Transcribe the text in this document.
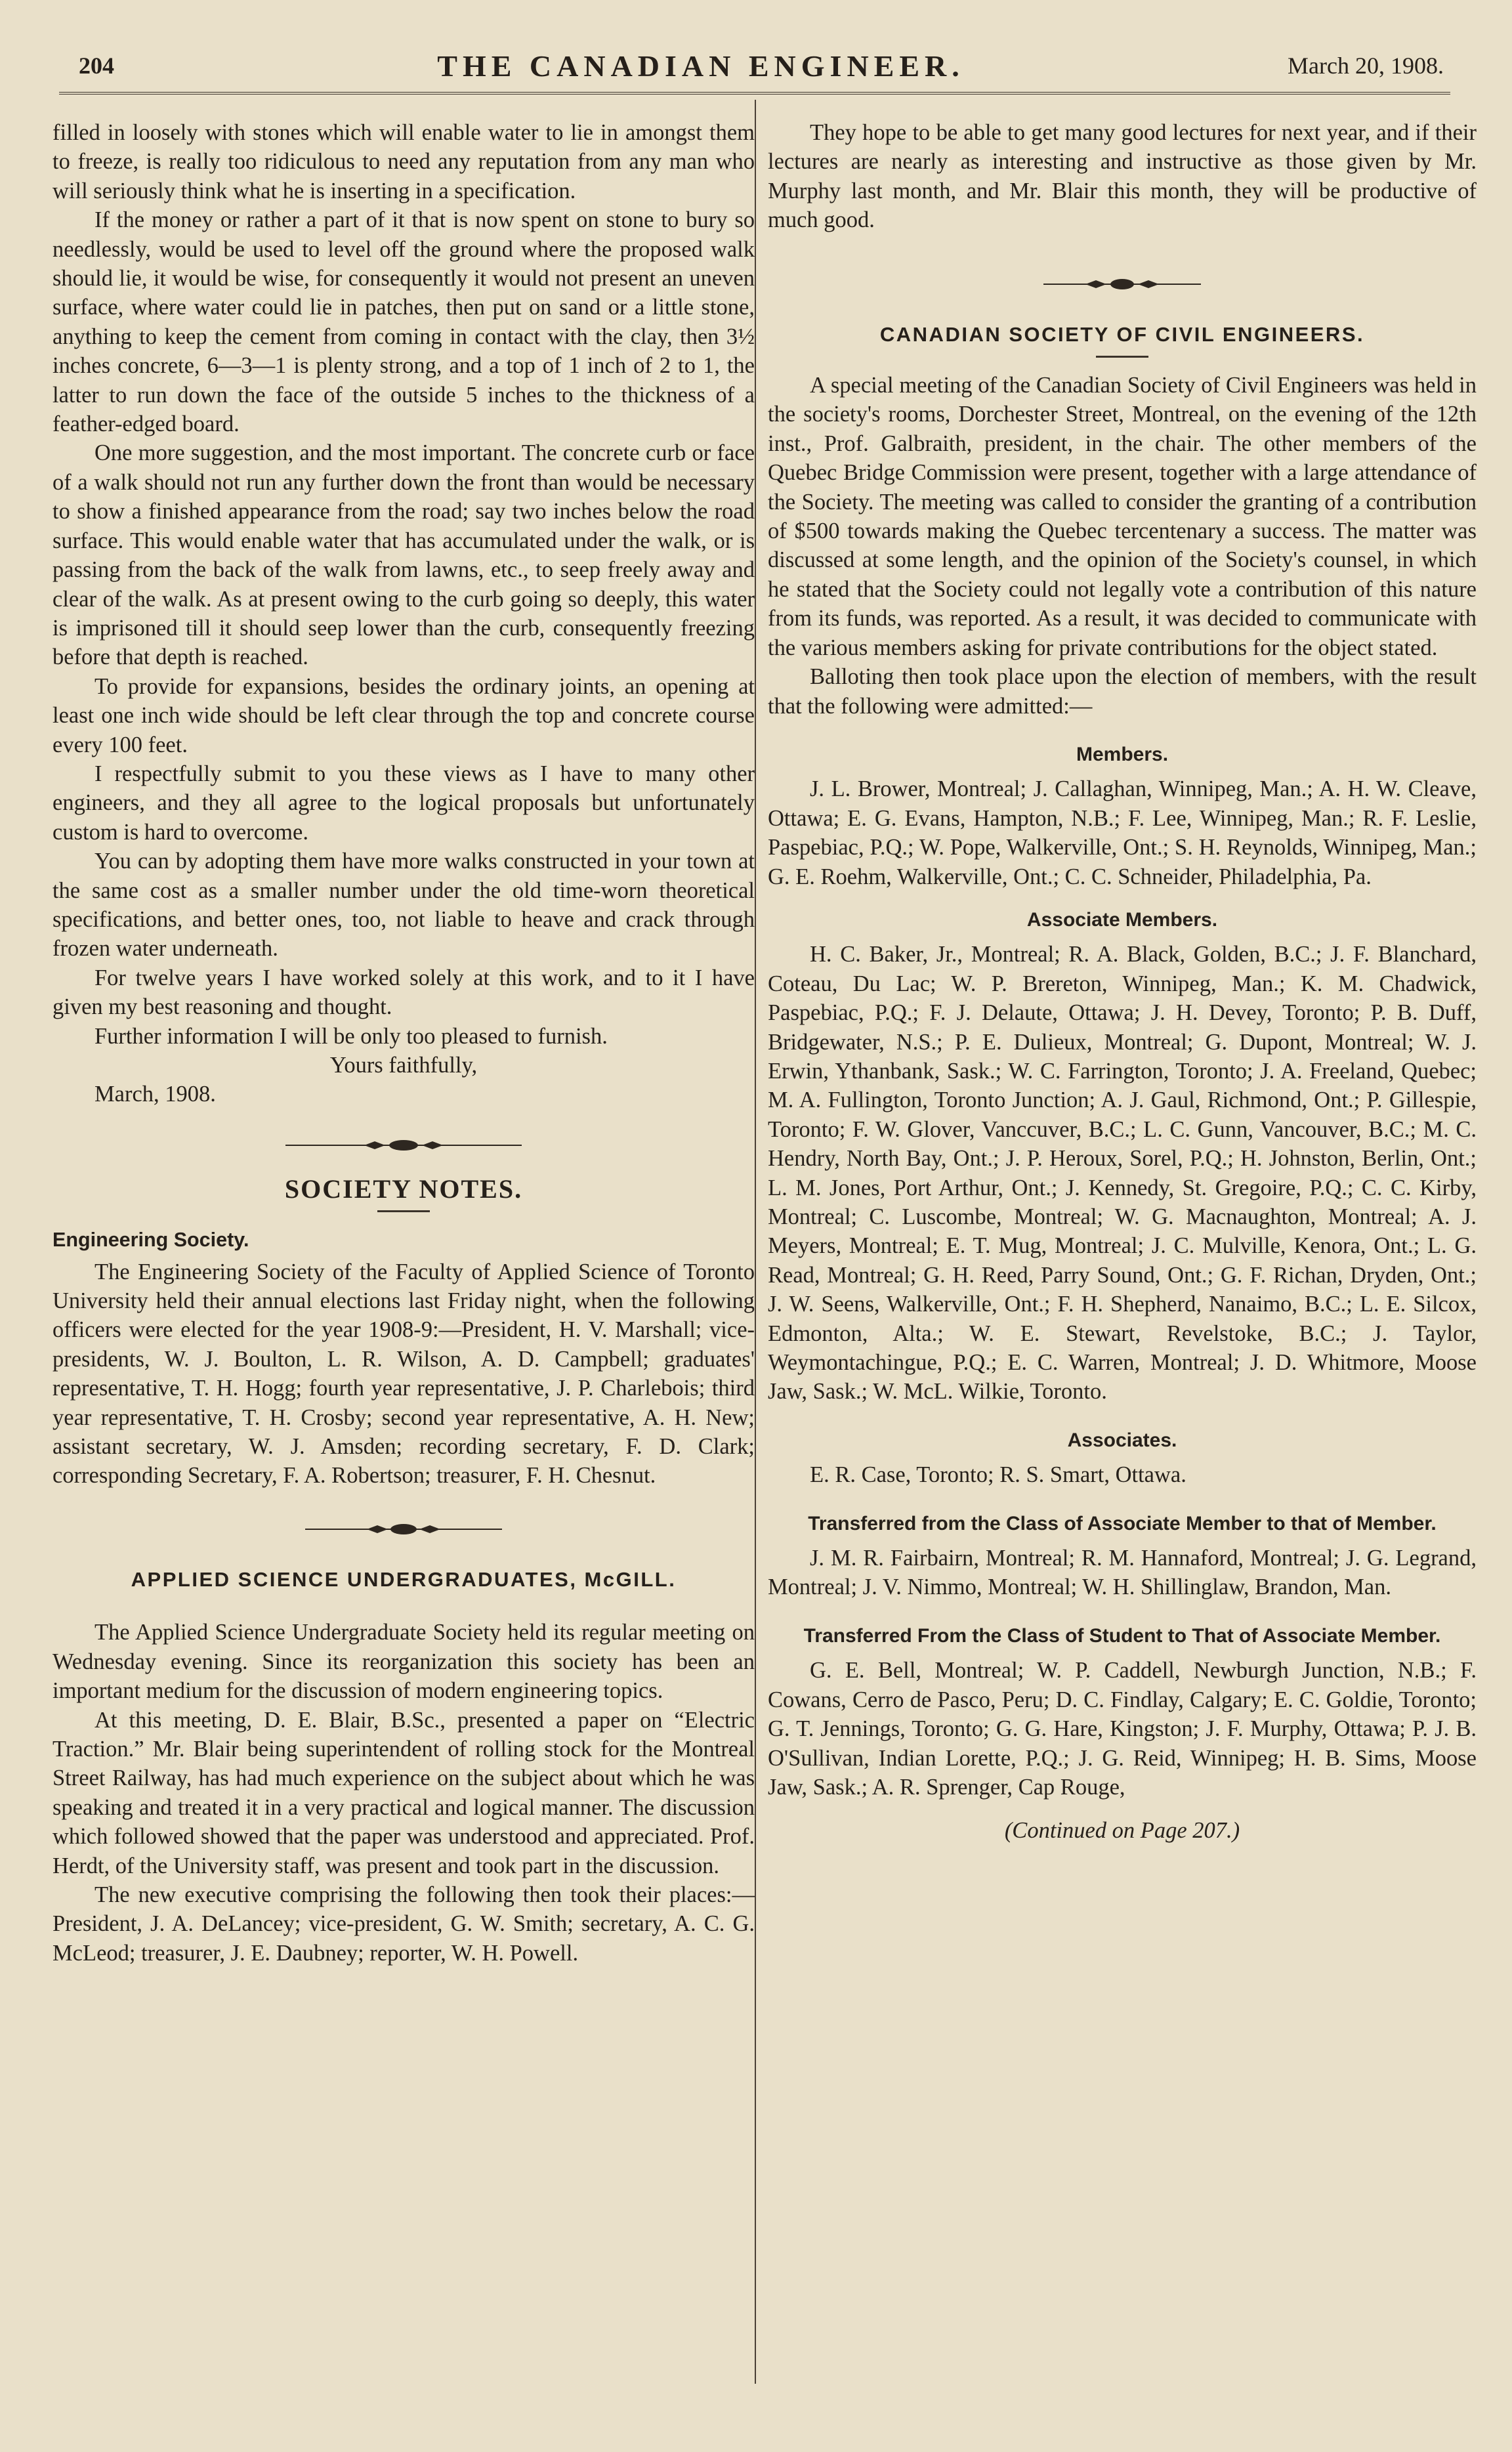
204	THE CANADIAN ENGINEER.	March 20, 1908.

filled in loosely with stones which will enable water to lie in amongst them to freeze, is really too ridiculous to need any reputation from any man who will seriously think what he is inserting in a specification.

If the money or rather a part of it that is now spent on stone to bury so needlessly, would be used to level off the ground where the proposed walk should lie, it would be wise, for consequently it would not present an uneven surface, where water could lie in patches, then put on sand or a little stone, anything to keep the cement from coming in contact with the clay, then 3½ inches concrete, 6—3—1 is plenty strong, and a top of 1 inch of 2 to 1, the latter to run down the face of the outside 5 inches to the thickness of a feather-edged board.

One more suggestion, and the most important. The concrete curb or face of a walk should not run any further down the front than would be necessary to show a finished appearance from the road; say two inches below the road surface. This would enable water that has accumulated under the walk, or is passing from the back of the walk from lawns, etc., to seep freely away and clear of the walk. As at present owing to the curb going so deeply, this water is imprisoned till it should seep lower than the curb, consequently freezing before that depth is reached.

To provide for expansions, besides the ordinary joints, an opening at least one inch wide should be left clear through the top and concrete course every 100 feet.

I respectfully submit to you these views as I have to many other engineers, and they all agree to the logical proposals but unfortunately custom is hard to overcome.

You can by adopting them have more walks constructed in your town at the same cost as a smaller number under the old time-worn theoretical specifications, and better ones, too, not liable to heave and crack through frozen water underneath.

For twelve years I have worked solely at this work, and to it I have given my best reasoning and thought.

Further information I will be only too pleased to furnish.

Yours faithfully,

March, 1908.

SOCIETY NOTES.
Engineering Society.

The Engineering Society of the Faculty of Applied Science of Toronto University held their annual elections last Friday night, when the following officers were elected for the year 1908-9:—President, H. V. Marshall; vice-presidents, W. J. Boulton, L. R. Wilson, A. D. Campbell; graduates' representative, T. H. Hogg; fourth year representative, J. P. Charlebois; third year representative, T. H. Crosby; second year representative, A. H. New; assistant secretary, W. J. Amsden; recording secretary, F. D. Clark; corresponding Secretary, F. A. Robertson; treasurer, F. H. Chesnut.

APPLIED SCIENCE UNDERGRADUATES, McGILL.

The Applied Science Undergraduate Society held its regular meeting on Wednesday evening. Since its reorganization this society has been an important medium for the discussion of modern engineering topics.

At this meeting, D. E. Blair, B.Sc., presented a paper on “Electric Traction.” Mr. Blair being superintendent of rolling stock for the Montreal Street Railway, has had much experience on the subject about which he was speaking and treated it in a very practical and logical manner. The discussion which followed showed that the paper was understood and appreciated. Prof. Herdt, of the University staff, was present and took part in the discussion.

The new executive comprising the following then took their places:—President, J. A. DeLancey; vice-president, G. W. Smith; secretary, A. C. G. McLeod; treasurer, J. E. Daubney; reporter, W. H. Powell.

They hope to be able to get many good lectures for next year, and if their lectures are nearly as interesting and instructive as those given by Mr. Murphy last month, and Mr. Blair this month, they will be productive of much good.

CANADIAN SOCIETY OF CIVIL ENGINEERS.

A special meeting of the Canadian Society of Civil Engineers was held in the society's rooms, Dorchester Street, Montreal, on the evening of the 12th inst., Prof. Galbraith, president, in the chair. The other members of the Quebec Bridge Commission were present, together with a large attendance of the Society. The meeting was called to consider the granting of a contribution of $500 towards making the Quebec tercentenary a success. The matter was discussed at some length, and the opinion of the Society's counsel, in which he stated that the Society could not legally vote a contribution of this nature from its funds, was reported. As a result, it was decided to communicate with the various members asking for private contributions for the object stated.

Balloting then took place upon the election of members, with the result that the following were admitted:—

Members.

J. L. Brower, Montreal; J. Callaghan, Winnipeg, Man.; A. H. W. Cleave, Ottawa; E. G. Evans, Hampton, N.B.; F. Lee, Winnipeg, Man.; R. F. Leslie, Paspebiac, P.Q.; W. Pope, Walkerville, Ont.; S. H. Reynolds, Winnipeg, Man.; G. E. Roehm, Walkerville, Ont.; C. C. Schneider, Philadelphia, Pa.

Associate Members.

H. C. Baker, Jr., Montreal; R. A. Black, Golden, B.C.; J. F. Blanchard, Coteau, Du Lac; W. P. Brereton, Winnipeg, Man.; K. M. Chadwick, Paspebiac, P.Q.; F. J. Delaute, Ottawa; J. H. Devey, Toronto; P. B. Duff, Bridgewater, N.S.; P. E. Dulieux, Montreal; G. Dupont, Montreal; W. J. Erwin, Ythanbank, Sask.; W. C. Farrington, Toronto; J. A. Freeland, Quebec; M. A. Fullington, Toronto Junction; A. J. Gaul, Richmond, Ont.; P. Gillespie, Toronto; F. W. Glover, Vanccuver, B.C.; L. C. Gunn, Vancouver, B.C.; M. C. Hendry, North Bay, Ont.; J. P. Heroux, Sorel, P.Q.; H. Johnston, Berlin, Ont.; L. M. Jones, Port Arthur, Ont.; J. Kennedy, St. Gregoire, P.Q.; C. C. Kirby, Montreal; C. Luscombe, Montreal; W. G. Macnaughton, Montreal; A. J. Meyers, Montreal; E. T. Mug, Montreal; J. C. Mulville, Kenora, Ont.; L. G. Read, Montreal; G. H. Reed, Parry Sound, Ont.; G. F. Richan, Dryden, Ont.; J. W. Seens, Walkerville, Ont.; F. H. Shepherd, Nanaimo, B.C.; L. E. Silcox, Edmonton, Alta.; W. E. Stewart, Revelstoke, B.C.; J. Taylor, Weymontachingue, P.Q.; E. C. Warren, Montreal; J. D. Whitmore, Moose Jaw, Sask.; W. McL. Wilkie, Toronto.

Associates.

E. R. Case, Toronto; R. S. Smart, Ottawa.

Transferred from the Class of Associate Member to that of Member.

J. M. R. Fairbairn, Montreal; R. M. Hannaford, Montreal; J. G. Legrand, Montreal; J. V. Nimmo, Montreal; W. H. Shillinglaw, Brandon, Man.

Transferred From the Class of Student to That of Associate Member.

G. E. Bell, Montreal; W. P. Caddell, Newburgh Junction, N.B.; F. Cowans, Cerro de Pasco, Peru; D. C. Findlay, Calgary; E. C. Goldie, Toronto; G. T. Jennings, Toronto; G. G. Hare, Kingston; J. F. Murphy, Ottawa; P. J. B. O'Sullivan, Indian Lorette, P.Q.; J. G. Reid, Winnipeg; H. B. Sims, Moose Jaw, Sask.; A. R. Sprenger, Cap Rouge,

(Continued on Page 207.)
